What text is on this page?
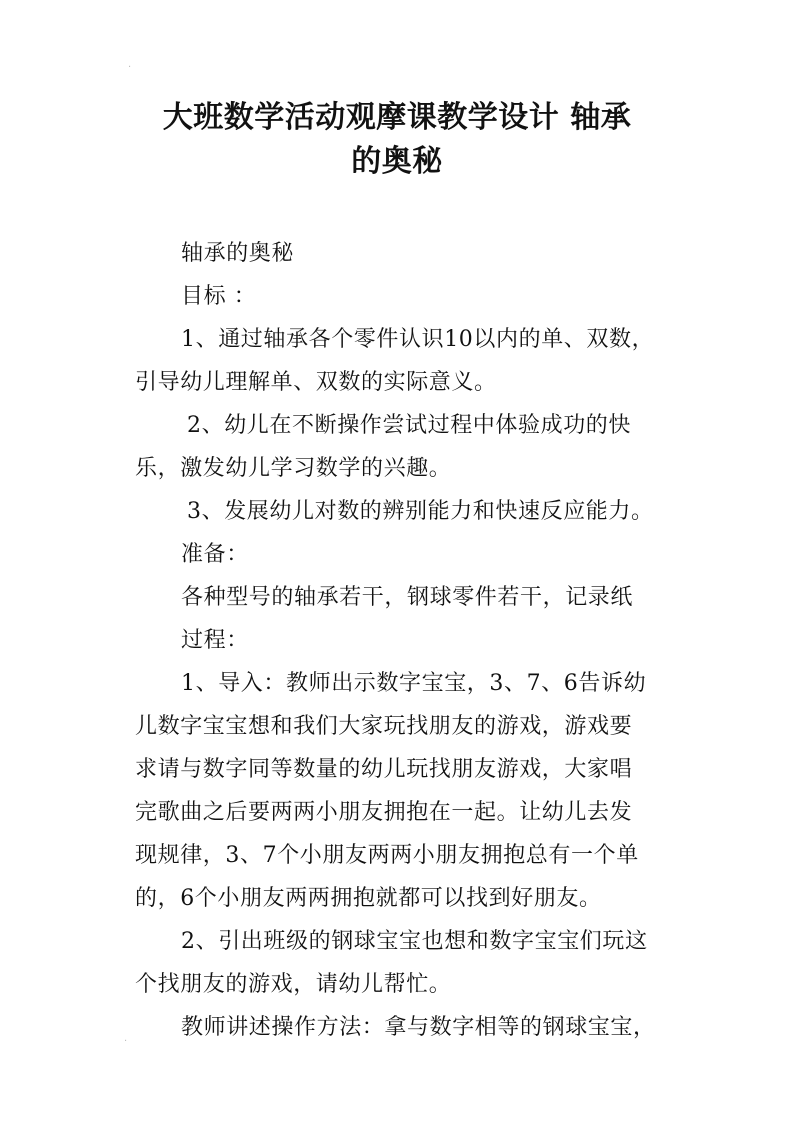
·
·
大班数学活动观摩课教学设计 轴承
的奥秘

轴承的奥秘

目标 ：

1、通过轴承各个零件认识10以内的单、双数，

引导幼儿理解单、双数的实际意义。

2、幼儿在不断操作尝试过程中体验成功的快

乐，激发幼儿学习数学的兴趣。

3、发展幼儿对数的辨别能力和快速反应能力。

准备：

各种型号的轴承若干，钢球零件若干，记录纸

过程：

1、导入：教师出示数字宝宝，3、7、6告诉幼

儿数字宝宝想和我们大家玩找朋友的游戏，游戏要

求请与数字同等数量的幼儿玩找朋友游戏，大家唱

完歌曲之后要两两小朋友拥抱在一起。让幼儿去发

现规律，3、7个小朋友两两小朋友拥抱总有一个单

的，6个小朋友两两拥抱就都可以找到好朋友。

2、引出班级的钢球宝宝也想和数字宝宝们玩这

个找朋友的游戏，请幼儿帮忙。

教师讲述操作方法：拿与数字相等的钢球宝宝，
